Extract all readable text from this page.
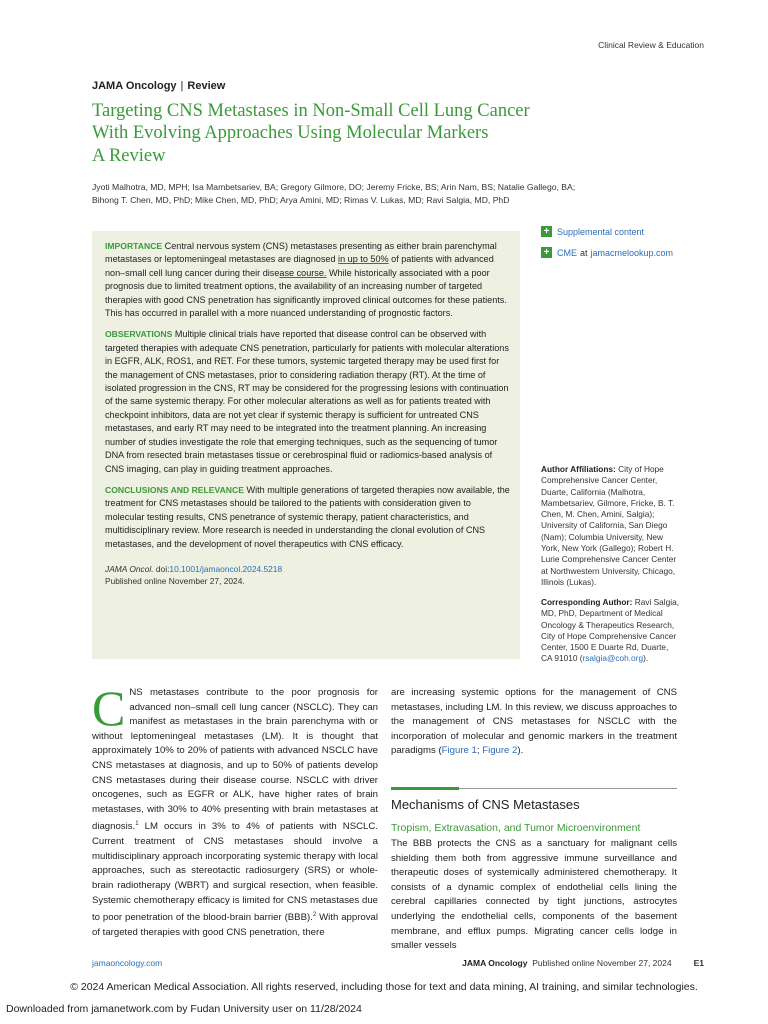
Clinical Review & Education
JAMA Oncology | Review
Targeting CNS Metastases in Non-Small Cell Lung Cancer
With Evolving Approaches Using Molecular Markers
A Review
Jyoti Malhotra, MD, MPH; Isa Mambetsariev, BA; Gregory Gilmore, DO; Jeremy Fricke, BS; Arin Nam, BS; Natalie Gallego, BA;
Bihong T. Chen, MD, PhD; Mike Chen, MD, PhD; Arya Amini, MD; Rimas V. Lukas, MD; Ravi Salgia, MD, PhD

IMPORTANCE Central nervous system (CNS) metastases presenting as either brain parenchymal metastases or leptomeningeal metastases are diagnosed in up to 50% of patients with advanced non–small cell lung cancer during their disease course. While historically associated with a poor prognosis due to limited treatment options, the availability of an increasing number of targeted therapies with good CNS penetration has significantly improved clinical outcomes for these patients. This has occurred in parallel with a more nuanced understanding of prognostic factors.

OBSERVATIONS Multiple clinical trials have reported that disease control can be observed with targeted therapies with adequate CNS penetration, particularly for patients with molecular alterations in EGFR, ALK, ROS1, and RET. For these tumors, systemic targeted therapy may be used first for the management of CNS metastases, prior to considering radiation therapy (RT). At the time of isolated progression in the CNS, RT may be considered for the progressing lesions with continuation of the same systemic therapy. For other molecular alterations as well as for patients treated with checkpoint inhibitors, data are not yet clear if systemic therapy is sufficient for untreated CNS metastases, and early RT may need to be integrated into the treatment planning. An increasing number of studies investigate the role that emerging techniques, such as the sequencing of tumor DNA from resected brain metastases tissue or cerebrospinal fluid or radiomics-based analysis of CNS imaging, can play in guiding treatment approaches.

CONCLUSIONS AND RELEVANCE With multiple generations of targeted therapies now available, the treatment for CNS metastases should be tailored to the patients with consideration given to molecular testing results, CNS penetrance of systemic therapy, patient characteristics, and multidisciplinary review. More research is needed in understanding the clonal evolution of CNS metastases, and the development of novel therapeutics with CNS efficacy.

JAMA Oncol. doi:10.1001/jamaoncol.2024.5218
Published online November 27, 2024.
+ Supplemental content
+ CME at jamacmelookup.com
Author Affiliations: City of Hope Comprehensive Cancer Center, Duarte, California (Malhotra, Mambetsariev, Gilmore, Fricke, B. T. Chen, M. Chen, Amini, Salgia); University of California, San Diego (Nam); Columbia University, New York, New York (Gallego); Robert H. Lurie Comprehensive Cancer Center at Northwestern University, Chicago, Illinois (Lukas).
Corresponding Author: Ravi Salgia, MD, PhD, Department of Medical Oncology & Therapeutics Research, City of Hope Comprehensive Cancer Center, 1500 E Duarte Rd, Duarte, CA 91010 (rsalgia@coh.org).
CNS metastases contribute to the poor prognosis for advanced non–small cell lung cancer (NSCLC). They can manifest as metastases in the brain parenchyma with or without leptomeningeal metastases (LM). It is thought that approximately 10% to 20% of patients with advanced NSCLC have CNS metastases at diagnosis, and up to 50% of patients develop CNS metastases during their disease course. NSCLC with driver oncogenes, such as EGFR or ALK, have higher rates of brain metastases, with 30% to 40% presenting with brain metastases at diagnosis.$^1$ LM occurs in 3% to 4% of patients with NSCLC. Current treatment of CNS metastases should involve a multidisciplinary approach incorporating systemic therapy with local approaches, such as stereotactic radiosurgery (SRS) or whole-brain radiotherapy (WBRT) and surgical resection, when feasible. Systemic chemotherapy efficacy is limited for CNS metastases due to poor penetration of the blood-brain barrier (BBB).$^2$ With approval of targeted therapies with good CNS penetration, there
are increasing systemic options for the management of CNS metastases, including LM. In this review, we discuss approaches to the management of CNS metastases for NSCLC with the incorporation of molecular and genomic markers in the treatment paradigms (Figure 1; Figure 2).
Mechanisms of CNS Metastases
Tropism, Extravasation, and Tumor Microenvironment
The BBB protects the CNS as a sanctuary for malignant cells shielding them both from aggressive immune surveillance and therapeutic doses of systemically administered chemotherapy. It consists of a dynamic complex of endothelial cells lining the cerebral capillaries connected by tight junctions, astrocytes underlying the endothelial cells, components of the basement membrane, and efflux pumps. Migrating cancer cells lodge in smaller vessels
jamaoncology.com	JAMA Oncology Published online November 27, 2024	E1
© 2024 American Medical Association. All rights reserved, including those for text and data mining, AI training, and similar technologies.
Downloaded from jamanetwork.com by Fudan University user on 11/28/2024
